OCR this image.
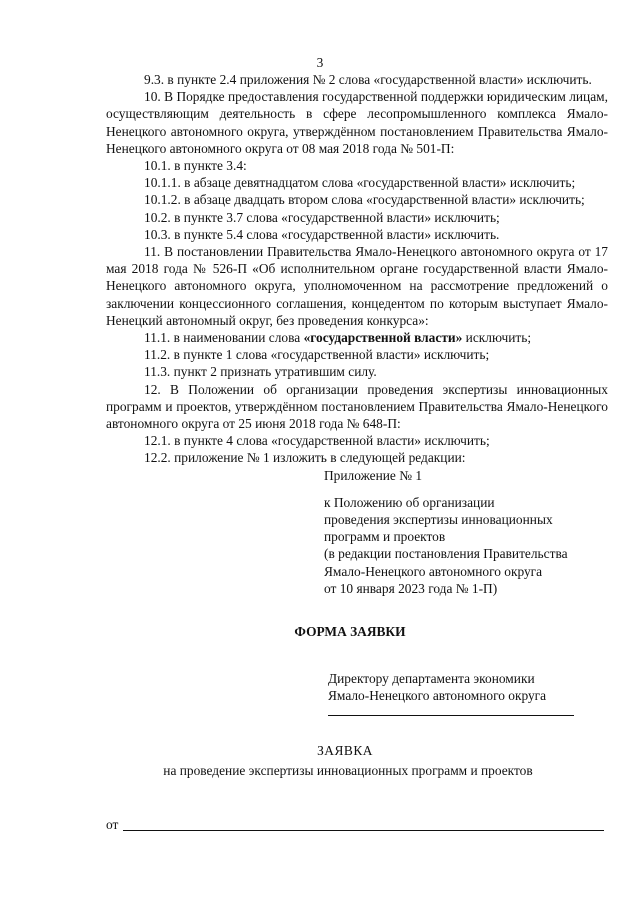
3

9.3. в пункте 2.4 приложения № 2 слова «государственной власти» исключить.

10. В Порядке предоставления государственной поддержки юридическим лицам, осуществляющим деятельность в сфере лесопромышленного комплекса Ямало-Ненецкого автономного округа, утверждённом постановлением Правительства Ямало-Ненецкого автономного округа от 08 мая 2018 года № 501-П:

10.1. в пункте 3.4:

10.1.1. в абзаце девятнадцатом слова «государственной власти» исключить;

10.1.2. в абзаце двадцать втором слова «государственной власти» исключить;

10.2. в пункте 3.7 слова «государственной власти» исключить;

10.3. в пункте 5.4 слова «государственной власти» исключить.

11. В постановлении Правительства Ямало-Ненецкого автономного округа от 17 мая 2018 года № 526-П «Об исполнительном органе государственной власти Ямало-Ненецкого автономного округа, уполномоченном на рассмотрение предложений о заключении концессионного соглашения, концедентом по которым выступает Ямало-Ненецкий автономный округ, без проведения конкурса»:

11.1. в наименовании слова «государственной власти» исключить;

11.2. в пункте 1 слова «государственной власти» исключить;

11.3. пункт 2 признать утратившим силу.

12. В Положении об организации проведения экспертизы инновационных программ и проектов, утверждённом постановлением Правительства Ямало-Ненецкого автономного округа от 25 июня 2018 года № 648-П:

12.1. в пункте 4 слова «государственной власти» исключить;

12.2. приложение № 1 изложить в следующей редакции:

Приложение № 1
к Положению об организации
проведения экспертизы инновационных
программ и проектов
(в редакции постановления Правительства
Ямало-Ненецкого автономного округа
от 10 января 2023 года № 1-П)
ФОРМА ЗАЯВКИ
Директору департамента экономики
Ямало-Ненецкого автономного округа
ЗАЯВКА
на проведение экспертизы инновационных программ и проектов
от
